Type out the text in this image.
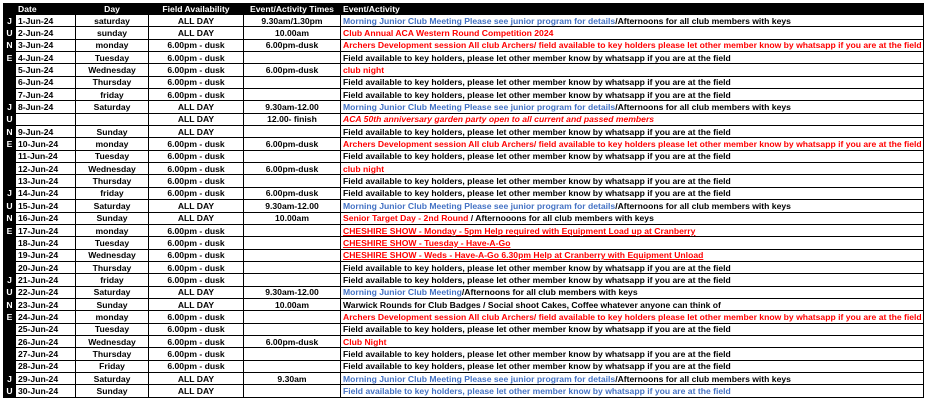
	Date	Day	Field Availability	Event/Activity Times	Event/Activity
J	1-Jun-24	saturday	ALL DAY	9.30am/1.30pm	Morning Junior Club Meeting Please see junior program for details/Afternoons for all club members with keys
U	2-Jun-24	sunday	ALL DAY	10.00am	Club Annual ACA Western Round Competition 2024
N	3-Jun-24	monday	6.00pm - dusk	6.00pm-dusk	Archers Development session All club Archers/ field available to key holders please let other member know by whatsapp if you are at the field
E	4-Jun-24	Tuesday	6.00pm - dusk		Field available to key holders, please let other member know by whatsapp if you are at the field
	5-Jun-24	Wednesday	6.00pm - dusk	6.00pm-dusk	club night
	6-Jun-24	Thursday	6.00pm - dusk		Field available to key holders, please let other member know by whatsapp if you are at the field
	7-Jun-24	friday	6.00pm - dusk		Field available to key holders, please let other member know by whatsapp if you are at the field
J	8-Jun-24	Saturday	ALL DAY	9.30am-12.00	Morning Junior Club Meeting Please see junior program for details/Afternoons for all club members with keys
U			ALL DAY	12.00- finish	ACA 50th anniversary garden party open to all current and passed members
N	9-Jun-24	Sunday	ALL DAY		Field available to key holders, please let other member know by whatsapp if you are at the field
E	10-Jun-24	monday	6.00pm - dusk	6.00pm-dusk	Archers Development session All club Archers/ field available to key holders please let other member know by whatsapp if you are at the field
	11-Jun-24	Tuesday	6.00pm - dusk		Field available to key holders, please let other member know by whatsapp if you are at the field
	12-Jun-24	Wednesday	6.00pm - dusk	6.00pm-dusk	club night
	13-Jun-24	Thursday	6.00pm - dusk		Field available to key holders, please let other member know by whatsapp if you are at the field
J	14-Jun-24	friday	6.00pm - dusk	6.00pm-dusk	Field available to key holders, please let other member know by whatsapp if you are at the field
U	15-Jun-24	Saturday	ALL DAY	9.30am-12.00	Morning Junior Club Meeting Please see junior program for details/Afternoons for all club members with keys
N	16-Jun-24	Sunday	ALL DAY	10.00am	Senior Target Day - 2nd Round / Afternooons for all club members with keys
E	17-Jun-24	monday	6.00pm - dusk		CHESHIRE SHOW - Monday - 5pm Help required with Equipment Load up at Cranberry
	18-Jun-24	Tuesday	6.00pm - dusk		CHESHIRE SHOW - Tuesday - Have-A-Go
	19-Jun-24	Wednesday	6.00pm - dusk		CHESHIRE SHOW - Weds - Have-A-Go 6.30pm Help at Cranberry with Equipment Unload
	20-Jun-24	Thursday	6.00pm - dusk		Field available to key holders, please let other member know by whatsapp if you are at the field
J	21-Jun-24	friday	6.00pm - dusk		Field available to key holders, please let other member know by whatsapp if you are at the field
U	22-Jun-24	Saturday	ALL DAY	9.30am-12.00	Morning Junior Club Meeting/Afternoons for all club members with keys
N	23-Jun-24	Sunday	ALL DAY	10.00am	Warwick Rounds for Club Badges / Social shoot Cakes, Coffee whatever anyone can think of
E	24-Jun-24	monday	6.00pm - dusk		Archers Development session All club Archers/ field available to key holders please let other member know by whatsapp if you are at the field
	25-Jun-24	Tuesday	6.00pm - dusk		Field available to key holders, please let other member know by whatsapp if you are at the field
	26-Jun-24	Wednesday	6.00pm - dusk	6.00pm-dusk	Club Night
	27-Jun-24	Thursday	6.00pm - dusk		Field available to key holders, please let other member know by whatsapp if you are at the field
	28-Jun-24	Friday	6.00pm - dusk		Field available to key holders, please let other member know by whatsapp if you are at the field
J	29-Jun-24	Saturday	ALL DAY	9.30am	Morning Junior Club Meeting Please see junior program for details/Afternoons for all club members with keys
U	30-Jun-24	Sunday	ALL DAY		Field available to key holders, please let other member know by whatsapp if you are at the field
